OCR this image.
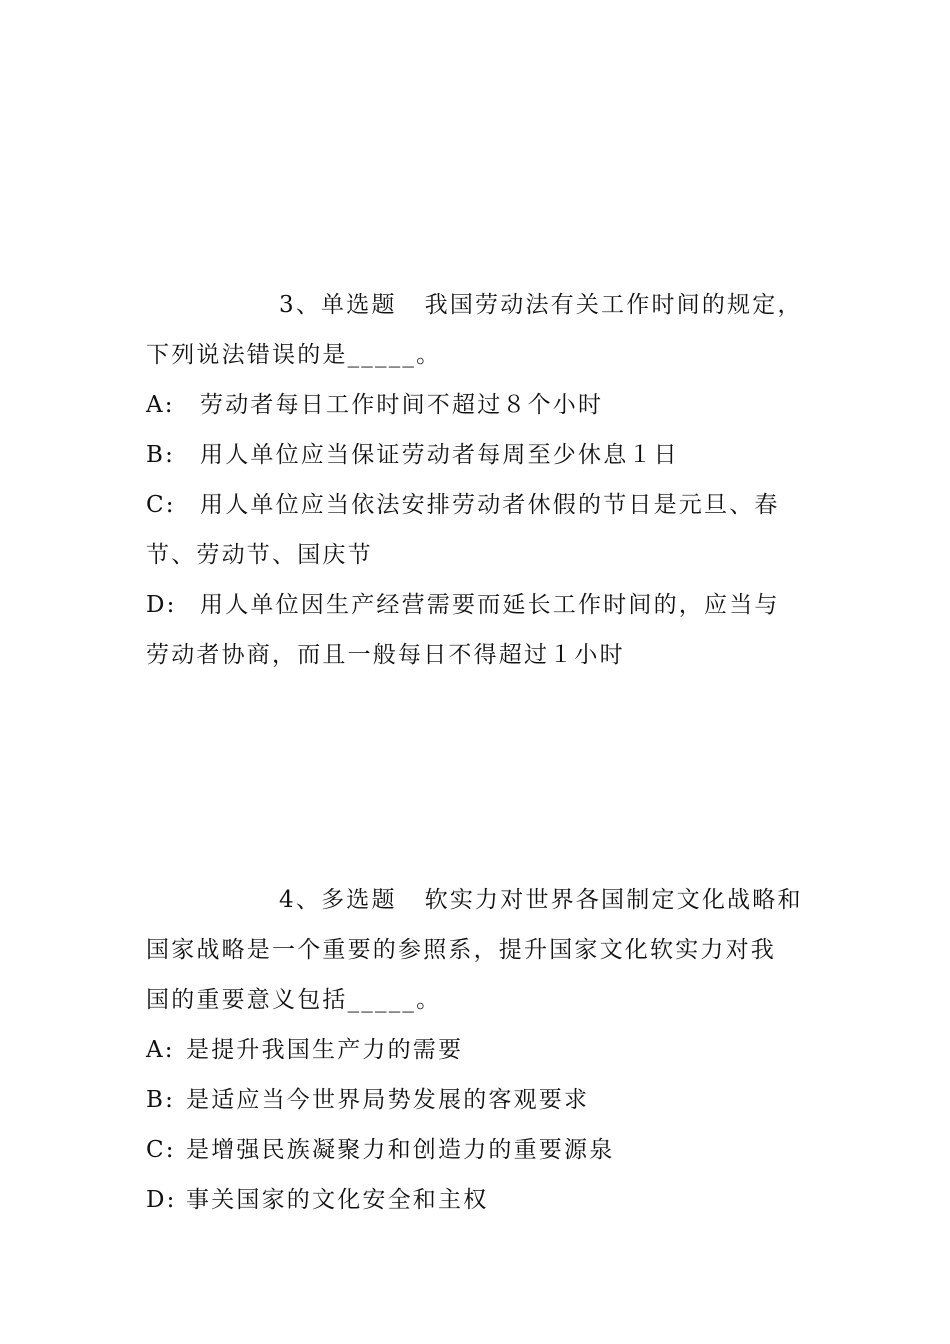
3、单选题 我国劳动法有关工作时间的规定，
下列说法错误的是_____。
A: 劳动者每日工作时间不超过８个小时
B: 用人单位应当保证劳动者每周至少休息１日
C: 用人单位应当依法安排劳动者休假的节日是元旦、春
节、劳动节、国庆节
D: 用人单位因生产经营需要而延长工作时间的，应当与
劳动者协商，而且一般每日不得超过１小时
4、多选题 软实力对世界各国制定文化战略和
国家战略是一个重要的参照系，提升国家文化软实力对我
国的重要意义包括_____。
A: 是提升我国生产力的需要
B: 是适应当今世界局势发展的客观要求
C: 是增强民族凝聚力和创造力的重要源泉
D: 事关国家的文化安全和主权
